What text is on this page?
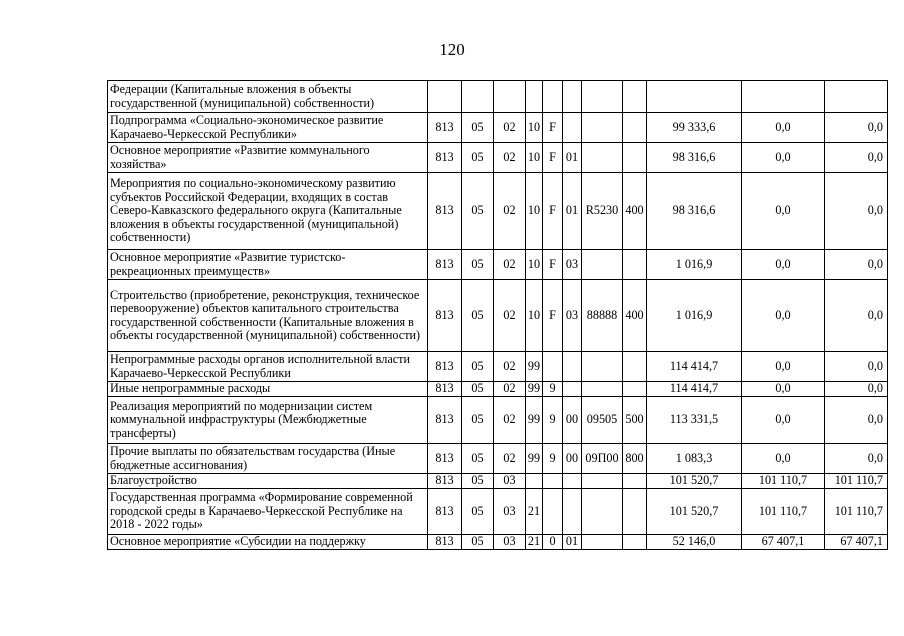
120
Федерации (Капитальные вложения в объекты государственной (муниципальной) собственности)											
Подпрограмма «Социально-экономическое развитие Карачаево-Черкесской Республики»	813	05	02	10	F				99 333,6	0,0	0,0
Основное мероприятие «Развитие коммунального хозяйства»	813	05	02	10	F	01			98 316,6	0,0	0,0
Мероприятия по социально-экономическому развитию субъектов Российской Федерации, входящих в состав Северо-Кавказского федерального округа (Капитальные вложения в объекты государственной (муниципальной) собственности)	813	05	02	10	F	01	R5230	400	98 316,6	0,0	0,0
Основное мероприятие «Развитие туристско-рекреационных преимуществ»	813	05	02	10	F	03			1 016,9	0,0	0,0
Строительство (приобретение, реконструкция, техническое перевооружение) объектов капитального строительства государственной собственности (Капитальные вложения в объекты государственной (муниципальной) собственности)	813	05	02	10	F	03	88888	400	1 016,9	0,0	0,0
Непрограммные расходы органов исполнительной власти Карачаево-Черкесской Республики	813	05	02	99					114 414,7	0,0	0,0
Иные непрограммные расходы	813	05	02	99	9				114 414,7	0,0	0,0
Реализация мероприятий по модернизации систем коммунальной инфраструктуры (Межбюджетные трансферты)	813	05	02	99	9	00	09505	500	113 331,5	0,0	0,0
Прочие выплаты по обязательствам государства (Иные бюджетные ассигнования)	813	05	02	99	9	00	09П00	800	1 083,3	0,0	0,0
Благоустройство	813	05	03						101 520,7	101 110,7	101 110,7
Государственная программа «Формирование современной городской среды в Карачаево-Черкесской Республике на 2018 - 2022 годы»	813	05	03	21					101 520,7	101 110,7	101 110,7
Основное мероприятие «Субсидии на поддержку	813	05	03	21	0	01			52 146,0	67 407,1	67 407,1
